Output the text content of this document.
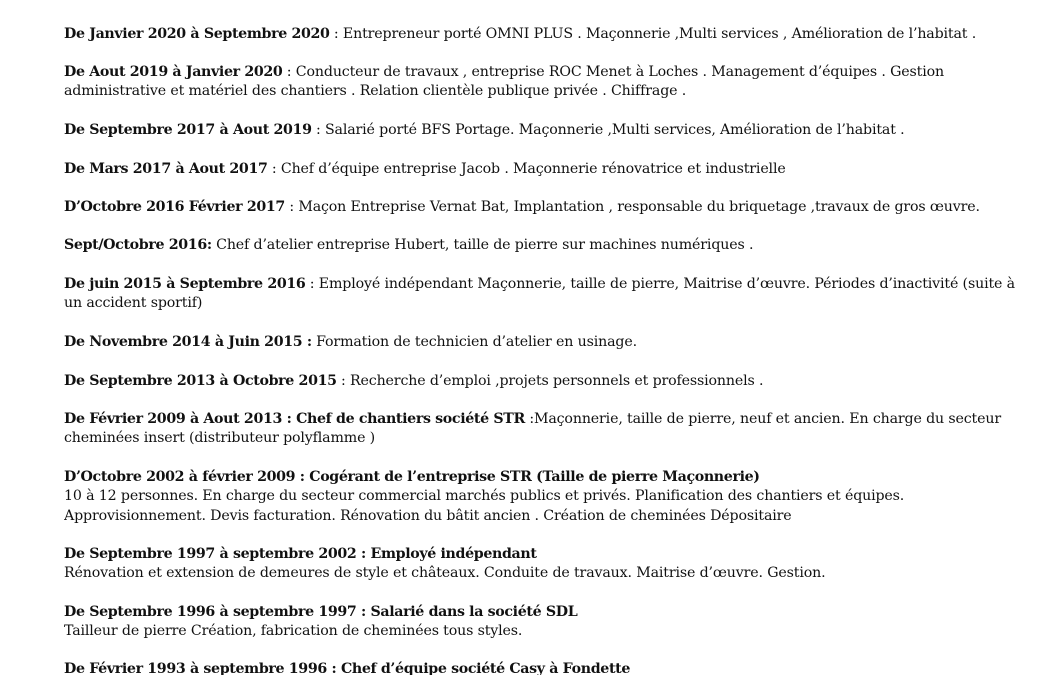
De Janvier 2020 à Septembre 2020 : Entrepreneur porté OMNI PLUS . Maçonnerie ,Multi services , Amélioration de l’habitat .
De Aout 2019 à Janvier 2020 : Conducteur de travaux , entreprise ROC Menet à Loches . Management d’équipes . Gestion
administrative et matériel des chantiers . Relation clientèle publique privée . Chiffrage .
De Septembre 2017 à Aout 2019 : Salarié porté BFS Portage. Maçonnerie ,Multi services, Amélioration de l’habitat .
De Mars 2017 à Aout 2017 : Chef d’équipe entreprise Jacob . Maçonnerie rénovatrice et industrielle
D’Octobre 2016 Février 2017 : Maçon Entreprise Vernat Bat, Implantation , responsable du briquetage ,travaux de gros œuvre.
Sept/Octobre 2016: Chef d’atelier entreprise Hubert, taille de pierre sur machines numériques .
De juin 2015 à Septembre 2016 : Employé indépendant Maçonnerie, taille de pierre, Maitrise d’œuvre. Périodes d’inactivité (suite à
un accident sportif)
De Novembre 2014 à Juin 2015 : Formation de technicien d’atelier en usinage.
De Septembre 2013 à Octobre 2015 : Recherche d’emploi ,projets personnels et professionnels .
De Février 2009 à Aout 2013 : Chef de chantiers société STR :Maçonnerie, taille de pierre, neuf et ancien. En charge du secteur
cheminées insert (distributeur polyflamme )
D’Octobre 2002 à février 2009 : Cogérant de l’entreprise STR (Taille de pierre Maçonnerie)
10 à 12 personnes. En charge du secteur commercial marchés publics et privés. Planification des chantiers et équipes.
Approvisionnement. Devis facturation. Rénovation du bâtit ancien . Création de cheminées Dépositaire
De Septembre 1997 à septembre 2002 : Employé indépendant
Rénovation et extension de demeures de style et châteaux. Conduite de travaux. Maitrise d’œuvre. Gestion.
De Septembre 1996 à septembre 1997 : Salarié dans la société SDL
Tailleur de pierre Création, fabrication de cheminées tous styles.
De Février 1993 à septembre 1996 : Chef d’équipe société Casy à Fondette
